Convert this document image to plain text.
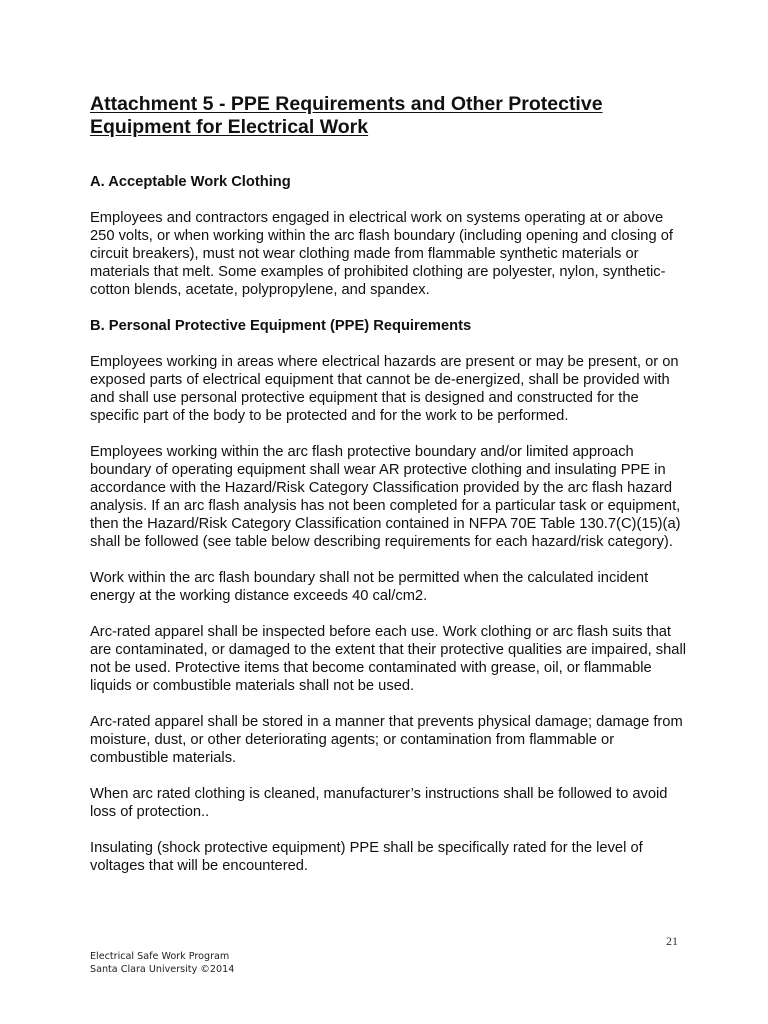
Attachment 5 - PPE Requirements and Other Protective Equipment for Electrical Work
A. Acceptable Work Clothing

Employees and contractors engaged in electrical work on systems operating at or above 250 volts, or when working within the arc flash boundary (including opening and closing of circuit breakers), must not wear clothing made from flammable synthetic materials or materials that melt. Some examples of prohibited clothing are polyester, nylon, synthetic-cotton blends, acetate, polypropylene, and spandex.

B. Personal Protective Equipment (PPE) Requirements

Employees working in areas where electrical hazards are present or may be present, or on exposed parts of electrical equipment that cannot be de-energized, shall be provided with and shall use personal protective equipment that is designed and constructed for the specific part of the body to be protected and for the work to be performed.

Employees working within the arc flash protective boundary and/or limited approach boundary of operating equipment shall wear AR protective clothing and insulating PPE in accordance with the Hazard/Risk Category Classification provided by the arc flash hazard analysis. If an arc flash analysis has not been completed for a particular task or equipment, then the Hazard/Risk Category Classification contained in NFPA 70E Table 130.7(C)(15)(a) shall be followed (see table below describing requirements for each hazard/risk category).

Work within the arc flash boundary shall not be permitted when the calculated incident energy at the working distance exceeds 40 cal/cm2.

Arc-rated apparel shall be inspected before each use. Work clothing or arc flash suits that are contaminated, or damaged to the extent that their protective qualities are impaired, shall not be used. Protective items that become contaminated with grease, oil, or flammable liquids or combustible materials shall not be used.

Arc-rated apparel shall be stored in a manner that prevents physical damage; damage from moisture, dust, or other deteriorating agents; or contamination from flammable or combustible materials.

When arc rated clothing is cleaned, manufacturer’s instructions shall be followed to avoid loss of protection..

Insulating (shock protective equipment) PPE shall be specifically rated for the level of voltages that will be encountered.

21
Electrical Safe Work Program
Santa Clara University ©2014
